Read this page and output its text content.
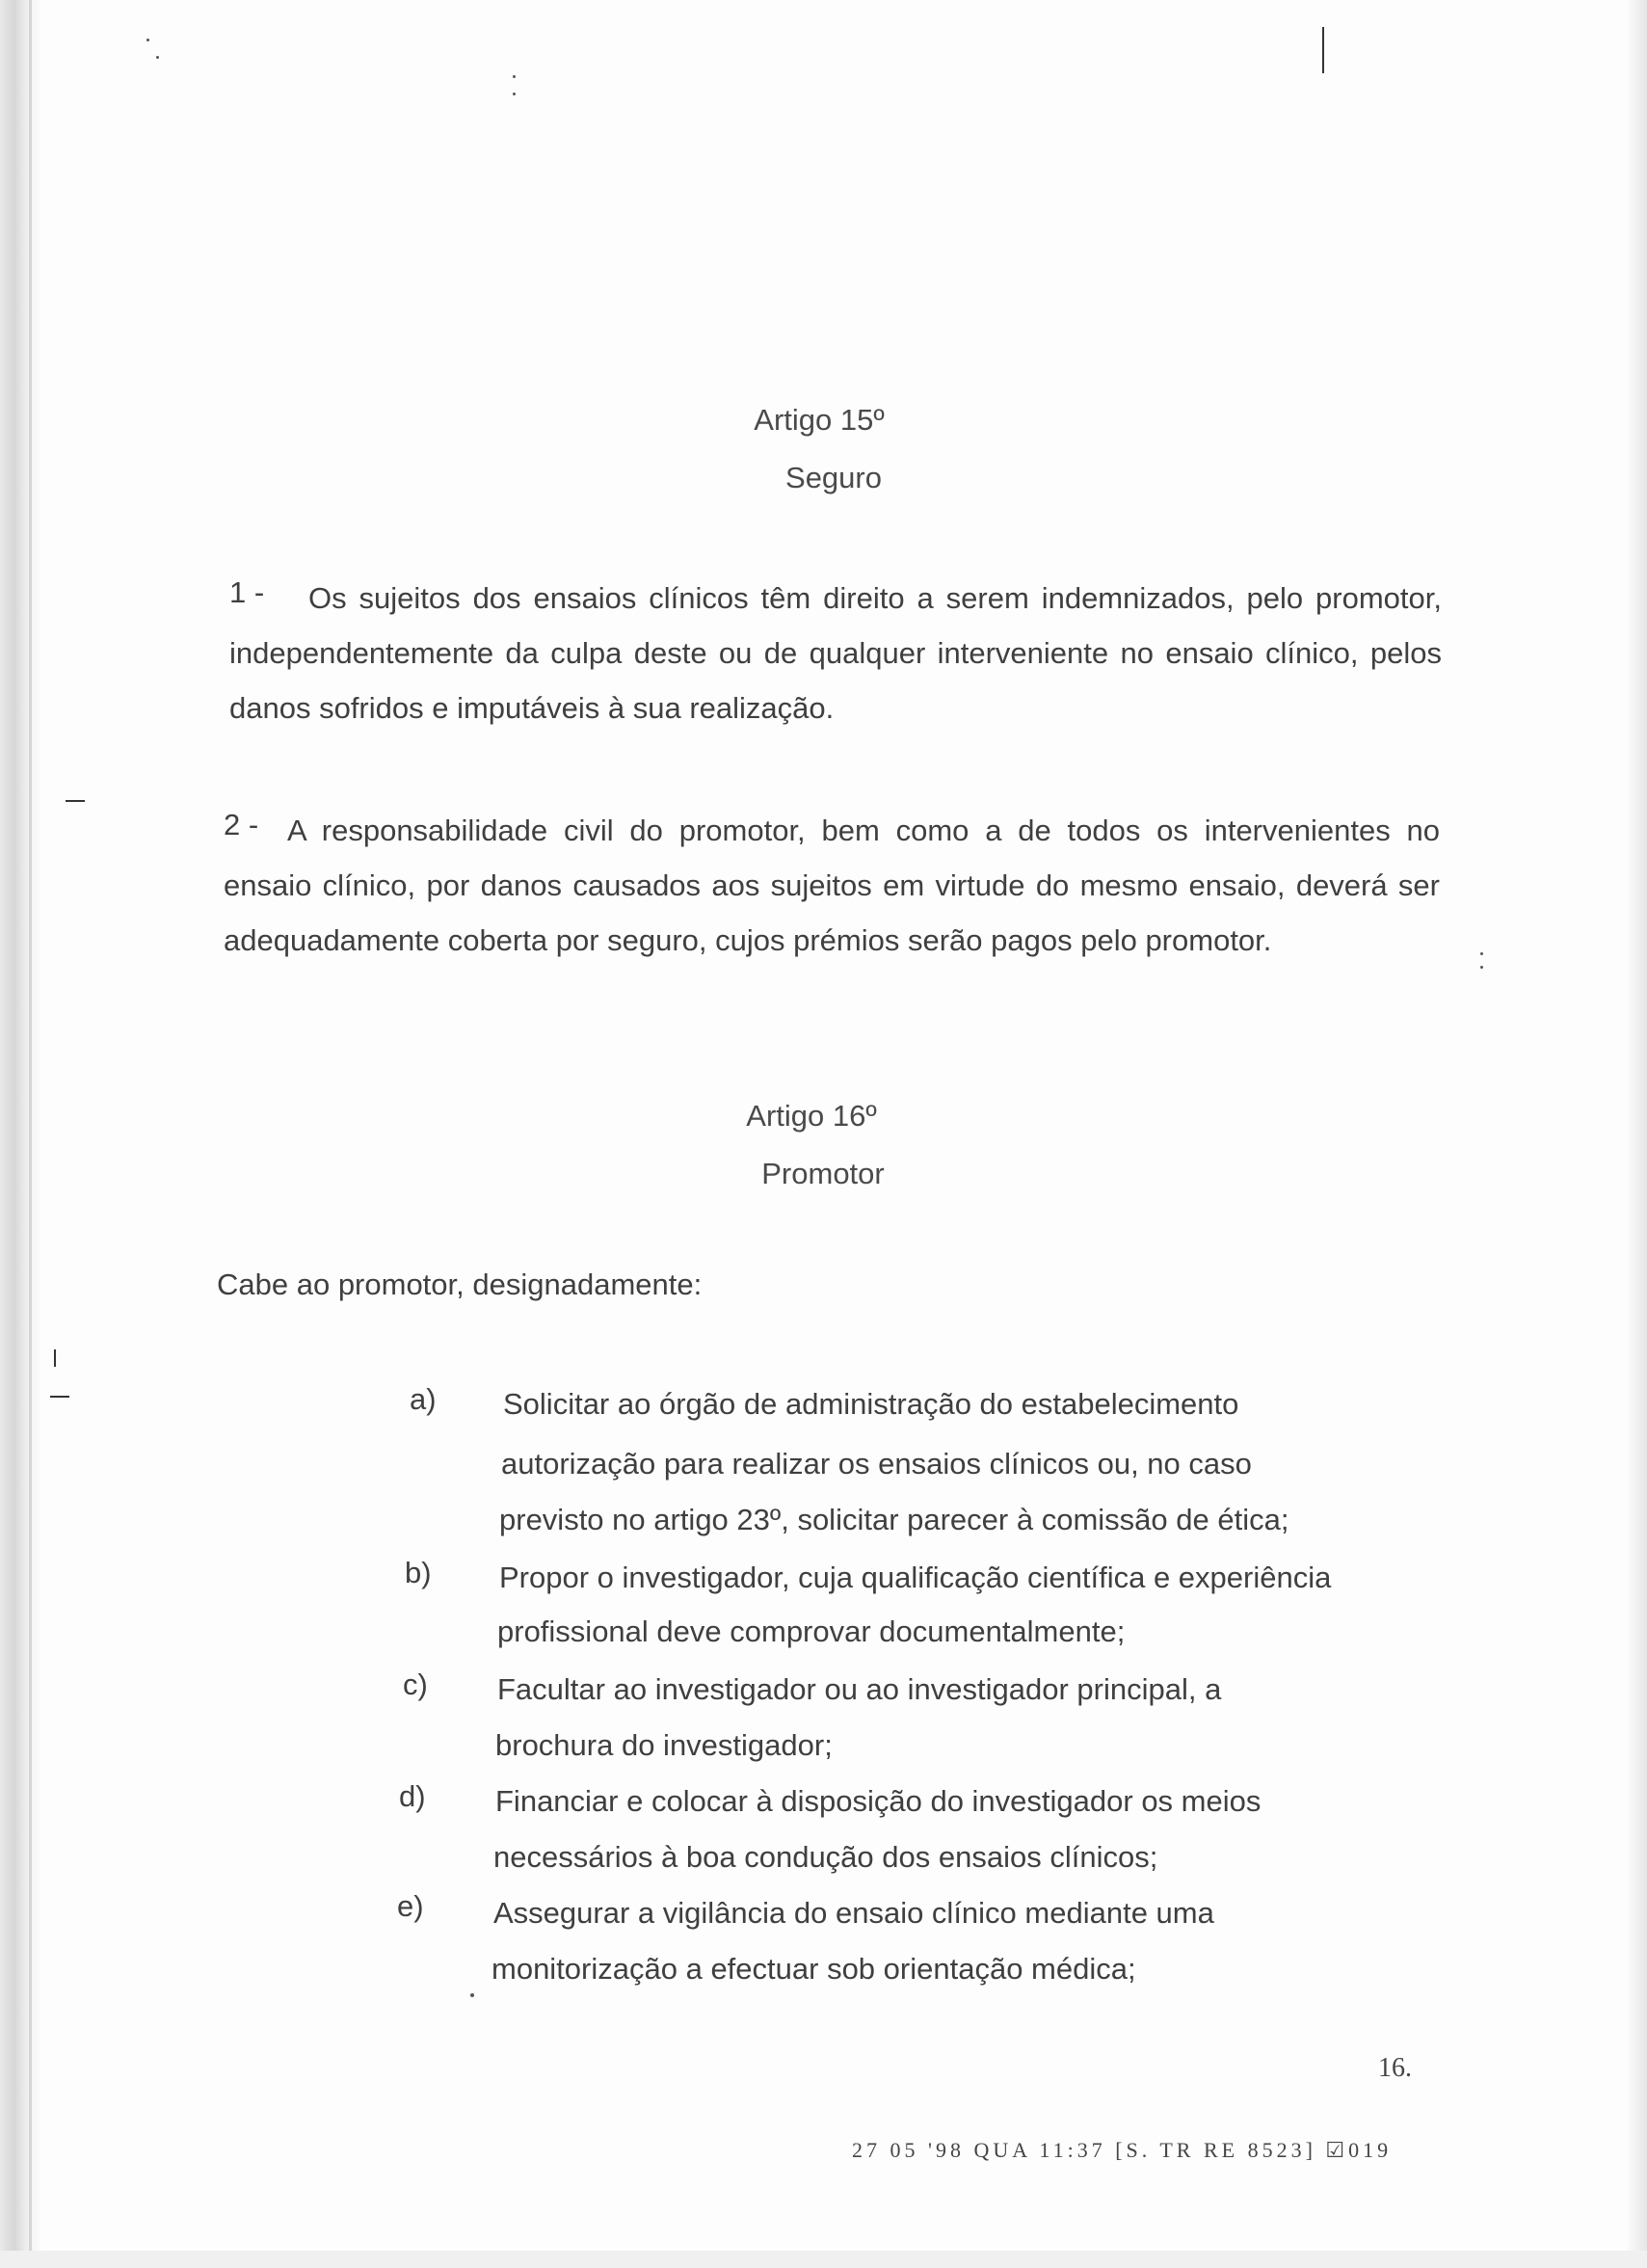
Artigo 15º
Seguro
1 -	Os sujeitos dos ensaios clínicos têm direito a serem indemnizados, pelo promotor, independentemente da culpa deste ou de qualquer interveniente no ensaio clínico, pelos danos sofridos e imputáveis à sua realização.
2 - A responsabilidade civil do promotor, bem como a de todos os intervenientes no ensaio clínico, por danos causados aos sujeitos em virtude do mesmo ensaio, deverá ser adequadamente coberta por seguro, cujos prémios serão pagos pelo promotor.
Artigo 16º
Promotor
Cabe ao promotor, designadamente:
a) Solicitar ao órgão de administração do estabelecimento
autorização para realizar os ensaios clínicos ou, no caso
previsto no artigo 23º, solicitar parecer à comissão de ética;
b) Propor o investigador, cuja qualificação científica e experiência
profissional deve comprovar documentalmente;
c) Facultar ao investigador ou ao investigador principal, a
brochura do investigador;
d) Financiar e colocar à disposição do investigador os meios
necessários à boa condução dos ensaios clínicos;
e) Assegurar a vigilância do ensaio clínico mediante uma
monitorização a efectuar sob orientação médica;
16.
27 05 '98 QUA 11:37 [S. TR RE 8523] ☑019
